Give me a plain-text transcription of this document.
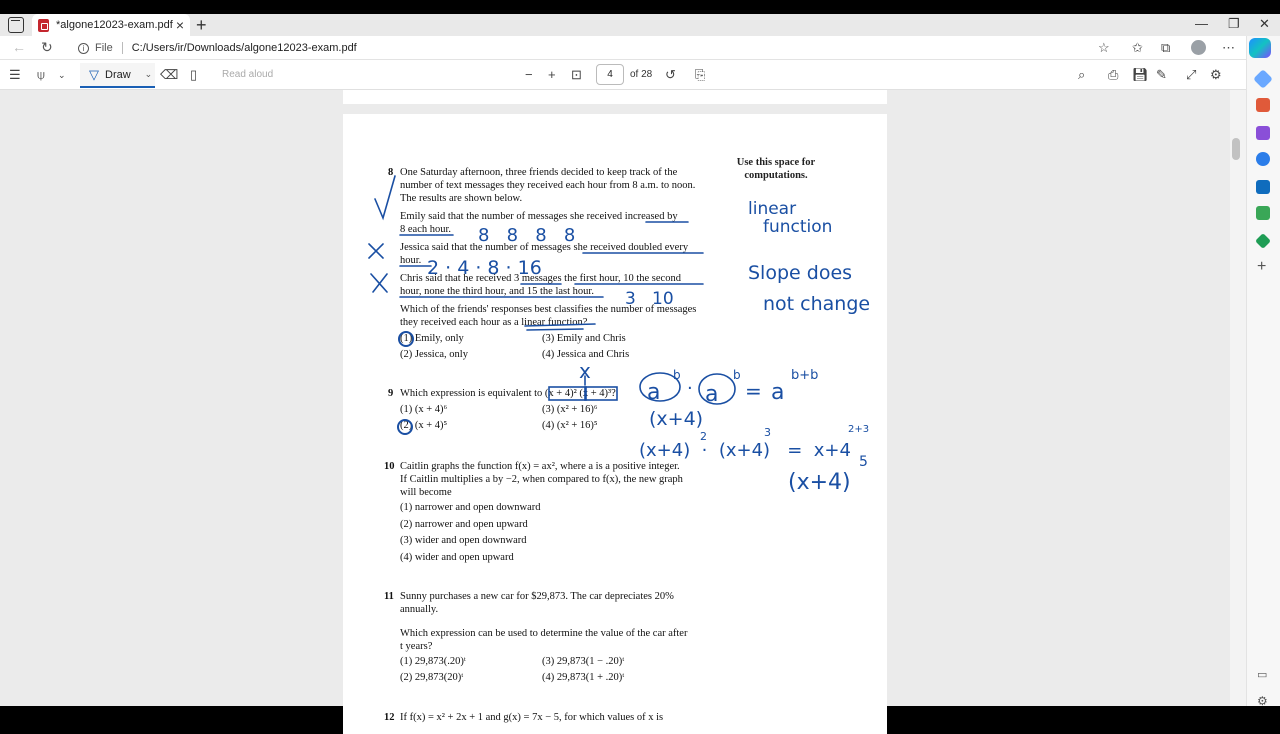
*algone12023-exam.pdf × +	— ❐ ✕
← ↻	i File C:/Users/ir/Downloads/algone12023-exam.pdf	☆ ✩ ⧉	⋯
☰ ⍦ ⌄ ▽ Draw ⌄ ⌫ ▯ Read aloud	− + ⊡	4	of 28 ↺ ⎘	⌕ ⎙ 💾︎ ✎ ⤢ ⚙
+
▭
⚙
Use this space for computations.
8 One Saturday afternoon, three friends decided to keep track of the
number of text messages they received each hour from 8 a.m. to noon.
The results are shown below.
Emily said that the number of messages she received increased by
8 each hour.
Jessica said that the number of messages she received doubled every
hour.
Chris said that he received 3 messages the first hour, 10 the second
hour, none the third hour, and 15 the last hour.
Which of the friends' responses best classifies the number of messages
they received each hour as a linear function?
(1) Emily, only	(3) Emily and Chris
(2) Jessica, only	(4) Jessica and Chris
9 Which expression is equivalent to (x + 4)² (x + 4)³?
(1) (x + 4)⁶	(3) (x² + 16)⁶
(2) (x + 4)⁵	(4) (x² + 16)⁵
10 Caitlin graphs the function f(x) = ax², where a is a positive integer.
If Caitlin multiplies a by −2, when compared to f(x), the new graph
will become
(1) narrower and open downward
(2) narrower and open upward
(3) wider and open downward
(4) wider and open upward
11 Sunny purchases a new car for $29,873. The car depreciates 20%
annually.
Which expression can be used to determine the value of the car after
t years?
(1) 29,873(.20)ᵗ	(3) 29,873(1 − .20)ᵗ
(2) 29,873(20)ᵗ	(4) 29,873(1 + .20)ᵗ
12 If f(x) = x² + 2x + 1 and g(x) = 7x − 5, for which values of x is
linear
function
Slope does
not change
8   8   8   8
2 · 4 · 8 · 16
3   10
x
a
b
· a
b
= a
b+b
(x+4)
(x+4)  ·  (x+4)   =  x+4
2	3	2+3
(x+4)
5
